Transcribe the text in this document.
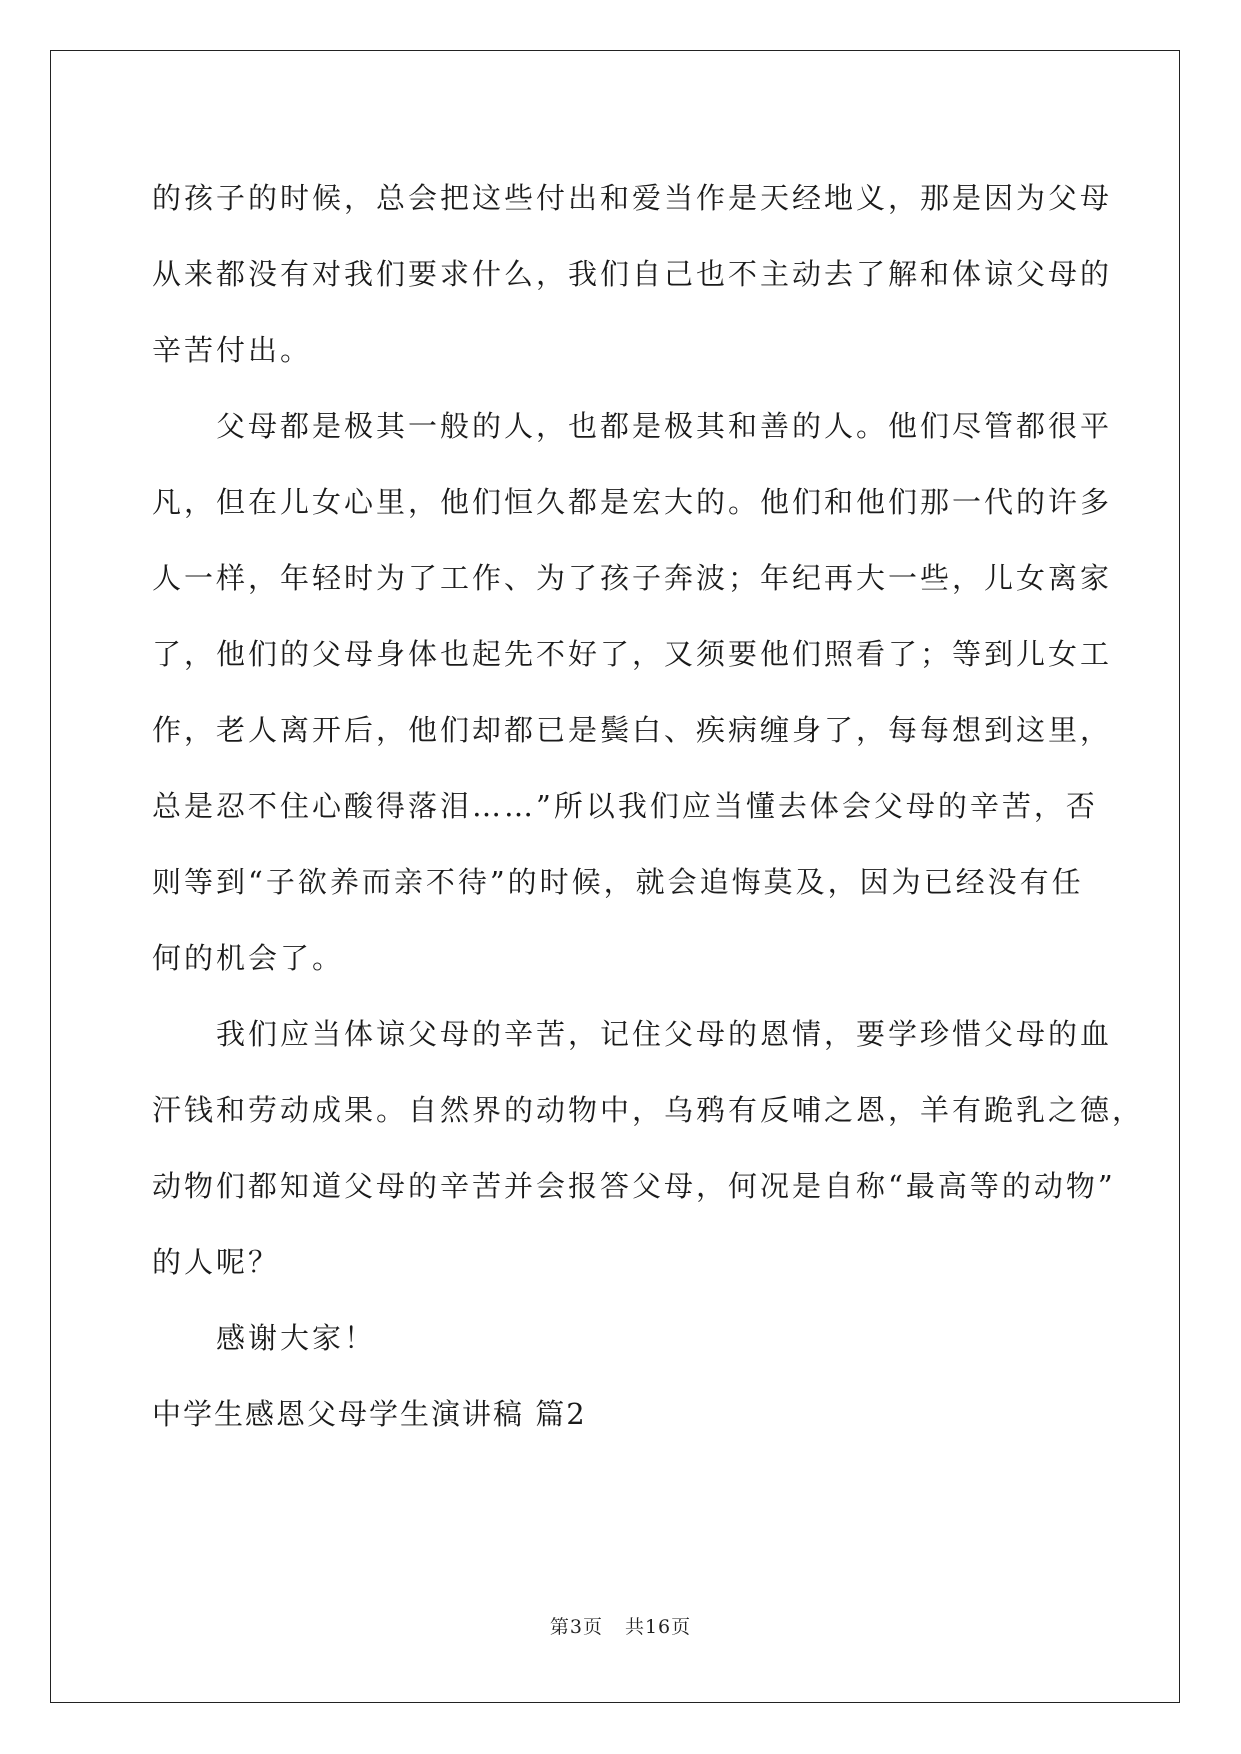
的孩子的时候，总会把这些付出和爱当作是天经地义，那是因为父母
从来都没有对我们要求什么，我们自己也不主动去了解和体谅父母的
辛苦付出。

父母都是极其一般的人，也都是极其和善的人。他们尽管都很平
凡，但在儿女心里，他们恒久都是宏大的。他们和他们那一代的许多
人一样，年轻时为了工作、为了孩子奔波；年纪再大一些，儿女离家
了，他们的父母身体也起先不好了，又须要他们照看了；等到儿女工
作，老人离开后，他们却都已是鬓白、疾病缠身了，每每想到这里，
总是忍不住心酸得落泪……”所以我们应当懂去体会父母的辛苦，否
则等到“子欲养而亲不待”的时候，就会追悔莫及，因为已经没有任
何的机会了。

我们应当体谅父母的辛苦，记住父母的恩情，要学珍惜父母的血
汗钱和劳动成果。自然界的动物中，乌鸦有反哺之恩，羊有跪乳之德，
动物们都知道父母的辛苦并会报答父母，何况是自称“最高等的动物”
的人呢？

感谢大家！

中学生感恩父母学生演讲稿 篇2

第3页 共16页
